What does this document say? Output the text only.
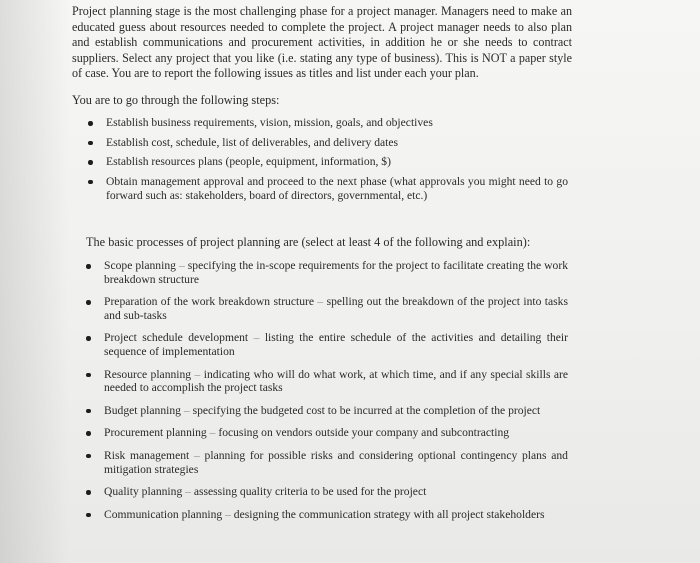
Project planning stage is the most challenging phase for a project manager. Managers need to make an educated guess about resources needed to complete the project. A project manager needs to also plan and establish communications and procurement activities, in addition he or she needs to contract suppliers. Select any project that you like (i.e. stating any type of business). This is NOT a paper style of case. You are to report the following issues as titles and list under each your plan.

You are to go through the following steps:

Establish business requirements, vision, mission, goals, and objectives
Establish cost, schedule, list of deliverables, and delivery dates
Establish resources plans (people, equipment, information, $)
Obtain management approval and proceed to the next phase (what approvals you might need to go forward such as: stakeholders, board of directors, governmental, etc.)

The basic processes of project planning are (select at least 4 of the following and explain):

Scope planning – specifying the in-scope requirements for the project to facilitate creating the work breakdown structure
Preparation of the work breakdown structure – spelling out the breakdown of the project into tasks and sub-tasks
Project schedule development – listing the entire schedule of the activities and detailing their sequence of implementation
Resource planning – indicating who will do what work, at which time, and if any special skills are needed to accomplish the project tasks
Budget planning – specifying the budgeted cost to be incurred at the completion of the project
Procurement planning – focusing on vendors outside your company and subcontracting
Risk management – planning for possible risks and considering optional contingency plans and mitigation strategies
Quality planning – assessing quality criteria to be used for the project
Communication planning – designing the communication strategy with all project stakeholders
